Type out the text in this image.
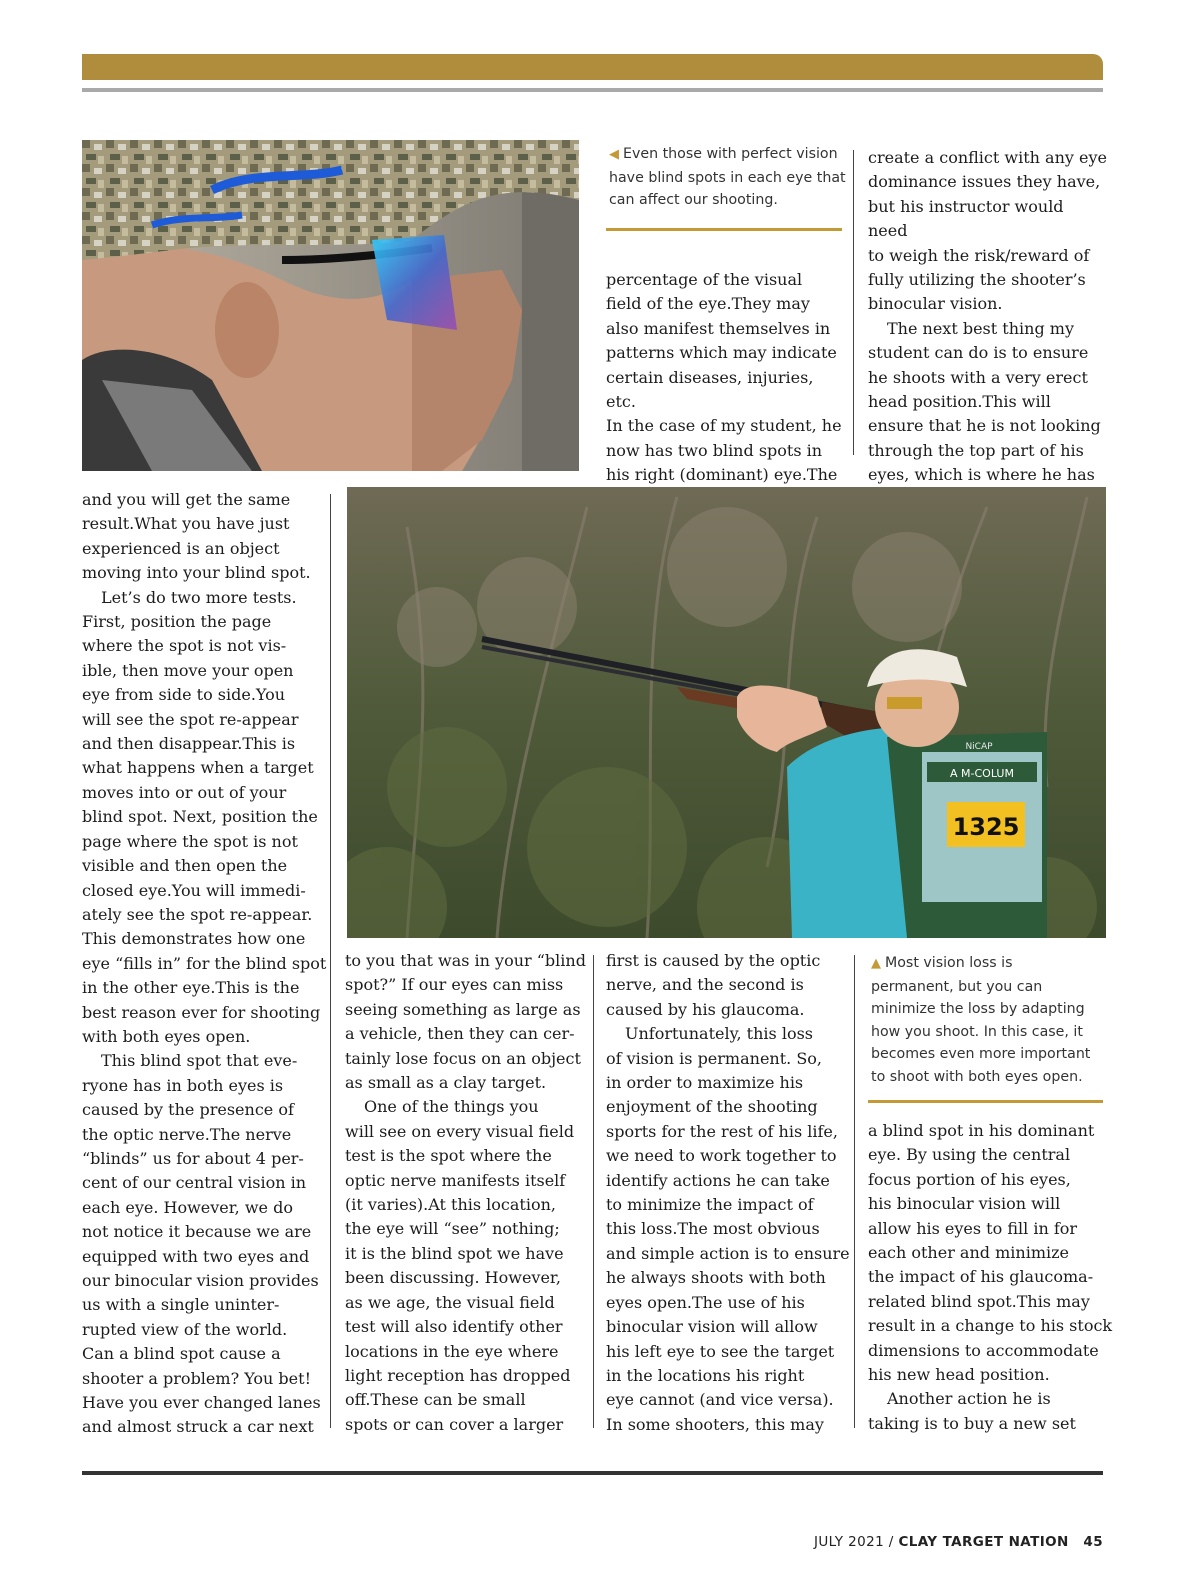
◀ Even those with perfect vision have blind spots in each eye that can affect our shooting.

percentage of the visual
field of the eye.They may
also manifest themselves in
patterns which may indicate
certain diseases, injuries, etc.
In the case of my student, he
now has two blind spots in
his right (dominant) eye.The

create a conflict with any eye
dominance issues they have,
but his instructor would need
to weigh the risk/reward of
fully utilizing the shooter’s
binocular vision.

The next best thing my
student can do is to ensure
he shoots with a very erect
head position.This will
ensure that he is not looking
through the top part of his
eyes, which is where he has

A M‑COLUM
1325
NiCAP

and you will get the same
result.What you have just
experienced is an object
moving into your blind spot.

Let’s do two more tests.
First, position the page
where the spot is not vis-
ible, then move your open
eye from side to side.You
will see the spot re-appear
and then disappear.This is
what happens when a target
moves into or out of your
blind spot. Next, position the
page where the spot is not
visible and then open the
closed eye.You will immedi-
ately see the spot re-appear.
This demonstrates how one
eye “fills in” for the blind spot
in the other eye.This is the
best reason ever for shooting
with both eyes open.

This blind spot that eve-
ryone has in both eyes is
caused by the presence of
the optic nerve.The nerve
“blinds” us for about 4 per-
cent of our central vision in
each eye. However, we do
not notice it because we are
equipped with two eyes and
our binocular vision provides
us with a single uninter-
rupted view of the world.
Can a blind spot cause a
shooter a problem? You bet!
Have you ever changed lanes
and almost struck a car next

to you that was in your “blind
spot?” If our eyes can miss
seeing something as large as
a vehicle, then they can cer-
tainly lose focus on an object
as small as a clay target.

One of the things you
will see on every visual field
test is the spot where the
optic nerve manifests itself
(it varies).At this location,
the eye will “see” nothing;
it is the blind spot we have
been discussing. However,
as we age, the visual field
test will also identify other
locations in the eye where
light reception has dropped
off.These can be small
spots or can cover a larger

first is caused by the optic
nerve, and the second is
caused by his glaucoma.

Unfortunately, this loss
of vision is permanent. So,
in order to maximize his
enjoyment of the shooting
sports for the rest of his life,
we need to work together to
identify actions he can take
to minimize the impact of
this loss.The most obvious
and simple action is to ensure
he always shoots with both
eyes open.The use of his
binocular vision will allow
his left eye to see the target
in the locations his right
eye cannot (and vice versa).
In some shooters, this may

▲ Most vision loss is permanent, but you can minimize the loss by adapting how you shoot. In this case, it becomes even more important to shoot with both eyes open.

a blind spot in his dominant
eye. By using the central
focus portion of his eyes,
his binocular vision will
allow his eyes to fill in for
each other and minimize
the impact of his glaucoma-
related blind spot.This may
result in a change to his stock
dimensions to accommodate
his new head position.

Another action he is
taking is to buy a new set

JULY 2021 / CLAY TARGET NATION 45
